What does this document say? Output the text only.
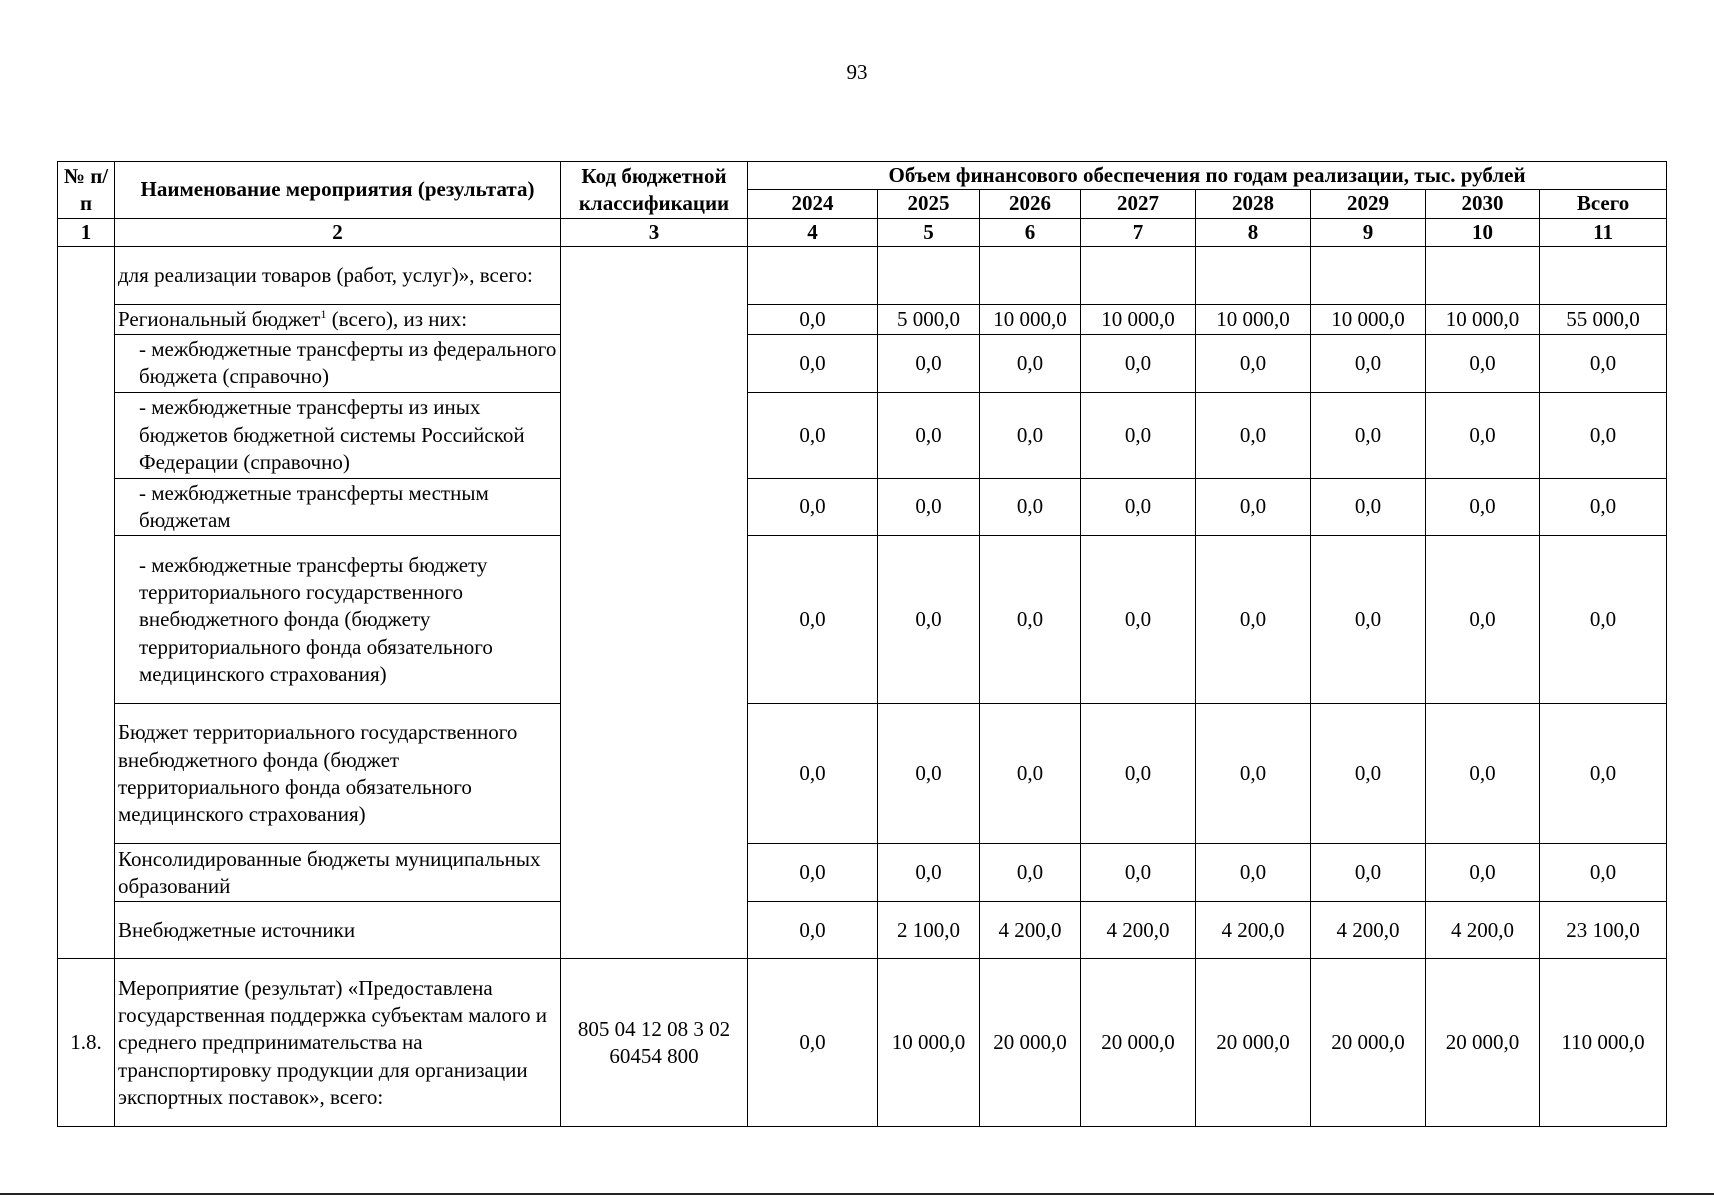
93
№ п/п	Наименование мероприятия (результата)	Код бюджетной классификации	Объем финансового обеспечения по годам реализации, тыс. рублей							
			2024	2025	2026	2027	2028	2029	2030	Всего
1	2	3	4	5	6	7	8	9	10	11
	для реализации товаров (работ, услуг)», всего:									
	Региональный бюджет$^1$ (всего), из них:		0,0	5 000,0	10 000,0	10 000,0	10 000,0	10 000,0	10 000,0	55 000,0
	- межбюджетные трансферты из федерального бюджета (справочно)		0,0	0,0	0,0	0,0	0,0	0,0	0,0	0,0
	- межбюджетные трансферты из иных бюджетов бюджетной системы Российской Федерации (справочно)		0,0	0,0	0,0	0,0	0,0	0,0	0,0	0,0
	- межбюджетные трансферты местным бюджетам		0,0	0,0	0,0	0,0	0,0	0,0	0,0	0,0
	- межбюджетные трансферты бюджету территориального государственного внебюджетного фонда (бюджету территориального фонда обязательного медицинского страхования)		0,0	0,0	0,0	0,0	0,0	0,0	0,0	0,0
	Бюджет территориального государственного внебюджетного фонда (бюджет территориального фонда обязательного медицинского страхования)		0,0	0,0	0,0	0,0	0,0	0,0	0,0	0,0
	Консолидированные бюджеты муниципальных образований		0,0	0,0	0,0	0,0	0,0	0,0	0,0	0,0
	Внебюджетные источники		0,0	2 100,0	4 200,0	4 200,0	4 200,0	4 200,0	4 200,0	23 100,0
1.8.	Мероприятие (результат) «Предоставлена государственная поддержка субъектам малого и среднего предпринимательства на транспортировку продукции для организации экспортных поставок», всего:	805 04 12 08 3 02 60454 800	0,0	10 000,0	20 000,0	20 000,0	20 000,0	20 000,0	20 000,0	110 000,0
